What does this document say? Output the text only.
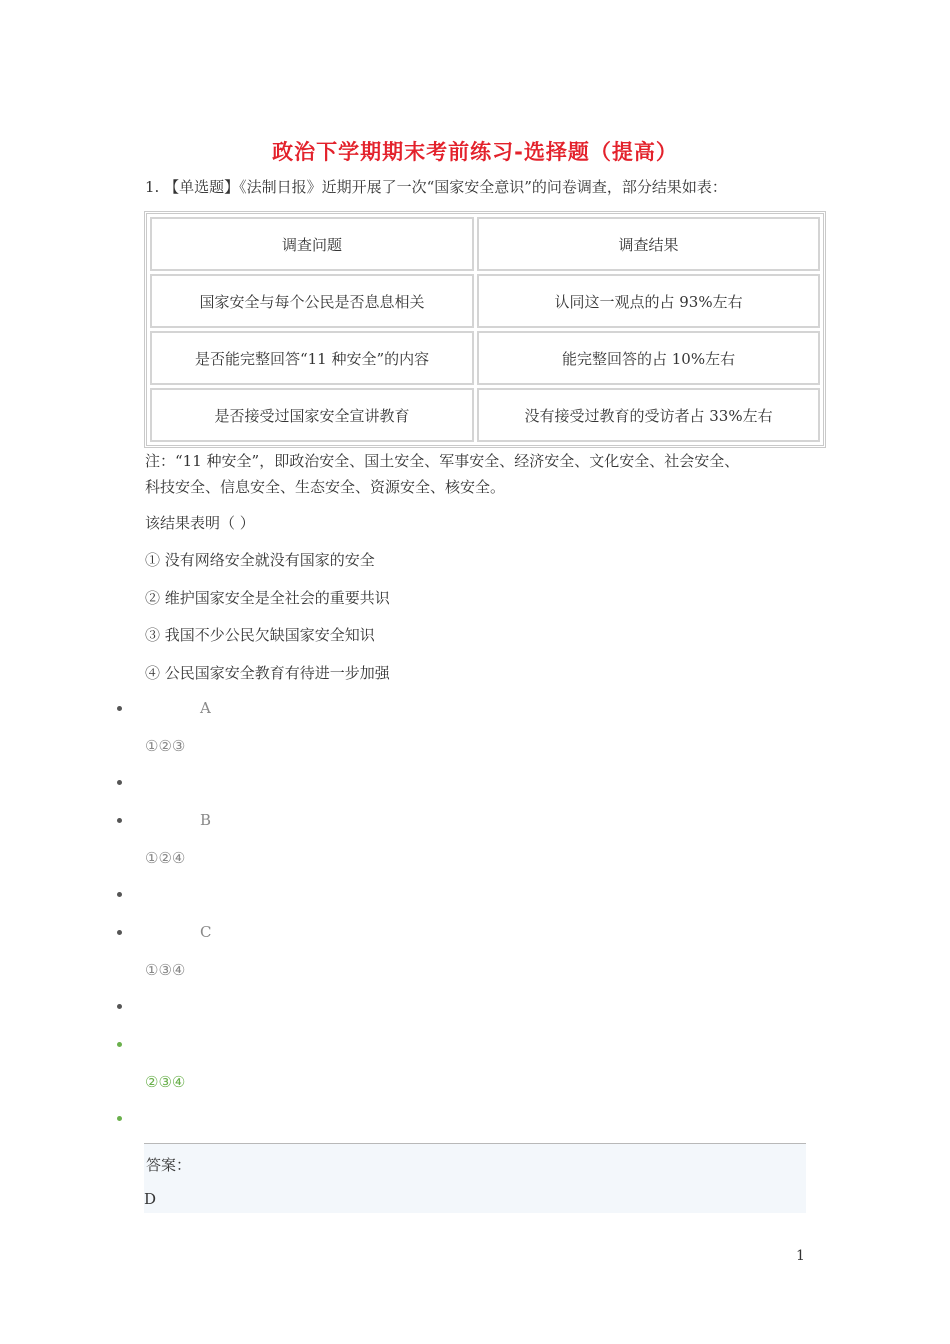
政治下学期期末考前练习-选择题（提高）
1. 【单选题】《法制日报》近期开展了一次“国家安全意识”的问卷调查，部分结果如表：
调查问题	调查结果
国家安全与每个公民是否息息相关	认同这一观点的占 93%左右
是否能完整回答“11 种安全”的内容	能完整回答的占 10%左右
是否接受过国家安全宣讲教育	没有接受过教育的受访者占 33%左右
注：“11 种安全”，即政治安全、国土安全、军事安全、经济安全、文化安全、社会安全、
科技安全、信息安全、生态安全、资源安全、核安全。
该结果表明（ ）
① 没有网络安全就没有国家的安全
② 维护国家安全是全社会的重要共识
③ 我国不少公民欠缺国家安全知识
④ 公民国家安全教育有待进一步加强
A
①②③
B
①②④
C
①③④
②③④
答案：
D
1
